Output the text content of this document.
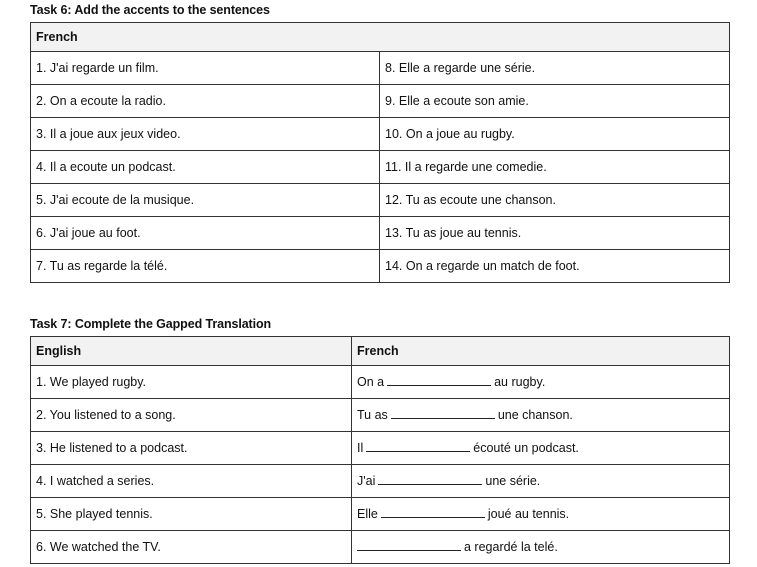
Task 6: Add the accents to the sentences
French	
1. J'ai regarde un film.	8. Elle a regarde une série.
2. On a ecoute la radio.	9. Elle a ecoute son amie.
3. Il a joue aux jeux video.	10. On a joue au rugby.
4. Il a ecoute un podcast.	11. Il a regarde une comedie.
5. J'ai ecoute de la musique.	12. Tu as ecoute une chanson.
6. J'ai joue au foot.	13. Tu as joue au tennis.
7. Tu as regarde la télé.	14. On a regarde un match de foot.
Task 7: Complete the Gapped Translation
English	French
1. We played rugby.	On a au rugby.
2. You listened to a song.	Tu as une chanson.
3. He listened to a podcast.	Il écouté un podcast.
4. I watched a series.	J'ai une série.
5. She played tennis.	Elle joué au tennis.
6. We watched the TV.	a regardé la telé.
